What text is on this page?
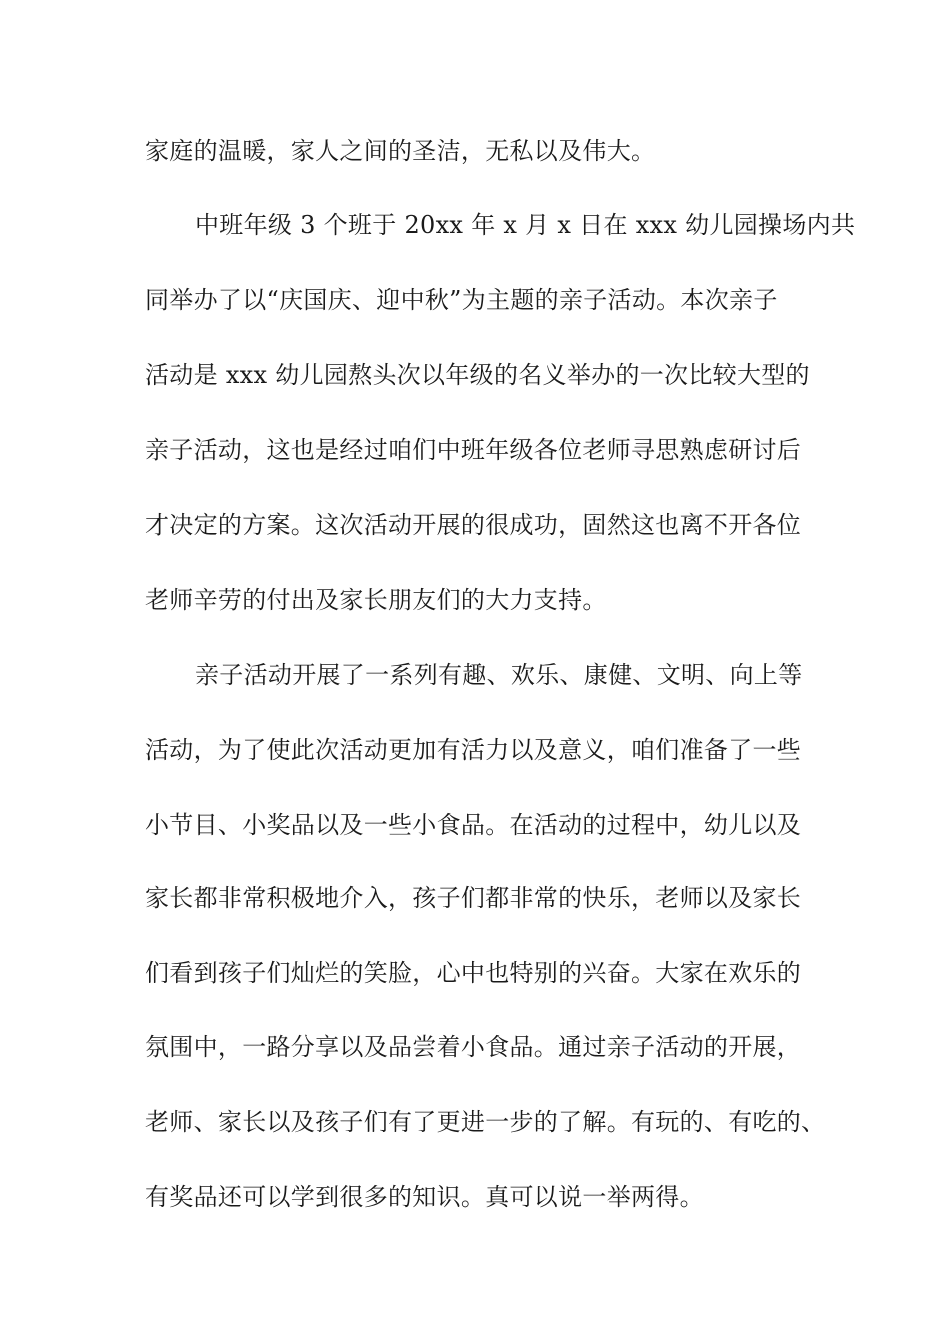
家庭的温暖，家人之间的圣洁，无私以及伟大。
中班年级 3 个班于 20xx 年 x 月 x 日在 xxx 幼儿园操场内共
同举办了以“庆国庆、迎中秋”为主题的亲子活动。本次亲子
活动是 xxx 幼儿园熬头次以年级的名义举办的一次比较大型的
亲子活动，这也是经过咱们中班年级各位老师寻思熟虑研讨后
才决定的方案。这次活动开展的很成功，固然这也离不开各位
老师辛劳的付出及家长朋友们的大力支持。
亲子活动开展了一系列有趣、欢乐、康健、文明、向上等
活动，为了使此次活动更加有活力以及意义，咱们准备了一些
小节目、小奖品以及一些小食品。在活动的过程中，幼儿以及
家长都非常积极地介入，孩子们都非常的快乐，老师以及家长
们看到孩子们灿烂的笑脸，心中也特别的兴奋。大家在欢乐的
氛围中，一路分享以及品尝着小食品。通过亲子活动的开展，
老师、家长以及孩子们有了更进一步的了解。有玩的、有吃的、
有奖品还可以学到很多的知识。真可以说一举两得。
